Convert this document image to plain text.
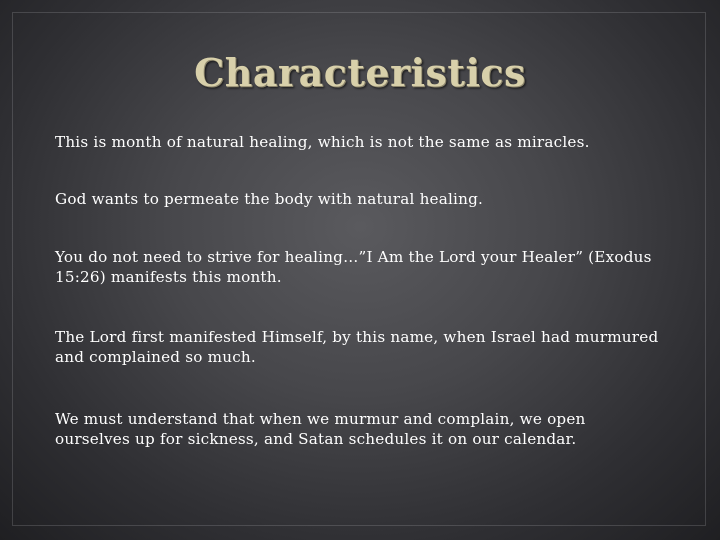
Characteristics

This is month of natural healing, which is not the same as miracles.

God wants to permeate the body with natural healing.

You do not need to strive for healing…”I Am the Lord your Healer” (Exodus 15:26) manifests this month.

The Lord first manifested Himself, by this name, when Israel had murmured and complained so much.

We must understand that when we murmur and complain, we open ourselves up for sickness, and Satan schedules it on our calendar.
